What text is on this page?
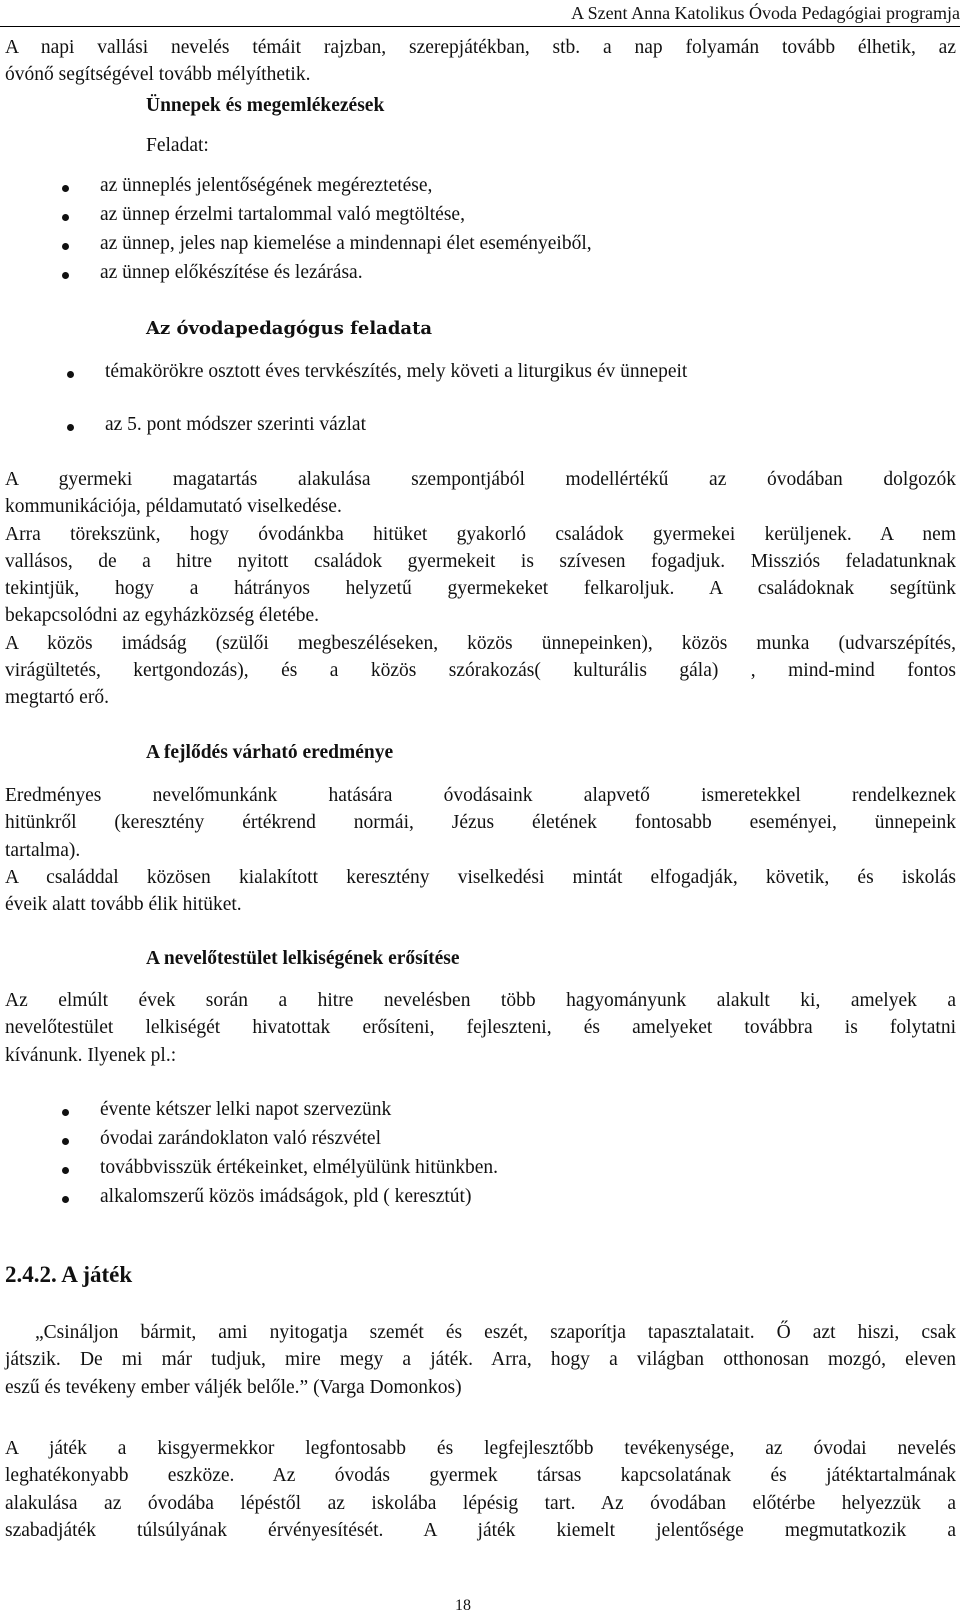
A Szent Anna Katolikus Óvoda Pedagógiai programja
A napi vallási nevelés témáit rajzban, szerepjátékban, stb. a nap folyamán tovább élhetik, az
óvónő segítségével tovább mélyíthetik.
Ünnepek és megemlékezések
Feladat:
az ünneplés jelentőségének megéreztetése,
az ünnep érzelmi tartalommal való megtöltése,
az ünnep, jeles nap kiemelése a mindennapi élet eseményeiből,
az ünnep előkészítése és lezárása.
Az óvodapedagógus feladata
témakörökre osztott éves tervkészítés, mely követi a liturgikus év ünnepeit
az 5. pont módszer szerinti vázlat
A gyermeki magatartás alakulása szempontjából modellértékű az óvodában dolgozók
kommunikációja, példamutató viselkedése.
Arra törekszünk, hogy óvodánkba hitüket gyakorló családok gyermekei kerüljenek. A nem
vallásos, de a hitre nyitott családok gyermekeit is szívesen fogadjuk. Missziós feladatunknak
tekintjük, hogy a hátrányos helyzetű gyermekeket felkaroljuk. A családoknak segítünk
bekapcsolódni az egyházközség életébe.
A közös imádság (szülői megbeszéléseken, közös ünnepeinken), közös munka (udvarszépítés,
virágültetés, kertgondozás), és a közös szórakozás( kulturális gála) , mind-mind fontos
megtartó erő.
A fejlődés várható eredménye
Eredményes nevelőmunkánk hatására óvodásaink alapvető ismeretekkel rendelkeznek
hitünkről (keresztény értékrend normái, Jézus életének fontosabb eseményei, ünnepeink
tartalma).
A családdal közösen kialakított keresztény viselkedési mintát elfogadják, követik, és iskolás
éveik alatt tovább élik hitüket.
A nevelőtestület lelkiségének erősítése
Az elmúlt évek során a hitre nevelésben több hagyományunk alakult ki, amelyek a
nevelőtestület lelkiségét hivatottak erősíteni, fejleszteni, és amelyeket továbbra is folytatni
kívánunk. Ilyenek pl.:
évente kétszer lelki napot szervezünk
óvodai zarándoklaton való részvétel
továbbvisszük értékeinket, elmélyülünk hitünkben.
alkalomszerű közös imádságok, pld ( keresztút)
2.4.2. A játék
„Csináljon bármit, ami nyitogatja szemét és eszét, szaporítja tapasztalatait. Ő azt hiszi, csak
játszik. De mi már tudjuk, mire megy a játék. Arra, hogy a világban otthonosan mozgó, eleven
eszű és tevékeny ember váljék belőle.” (Varga Domonkos)
A játék a kisgyermekkor legfontosabb és legfejlesztőbb tevékenysége, az óvodai nevelés
leghatékonyabb eszköze. Az óvodás gyermek társas kapcsolatának és játéktartalmának
alakulása az óvodába lépéstől az iskolába lépésig tart. Az óvodában előtérbe helyezzük a
szabadjáték túlsúlyának érvényesítését. A játék kiemelt jelentősége megmutatkozik a
18
